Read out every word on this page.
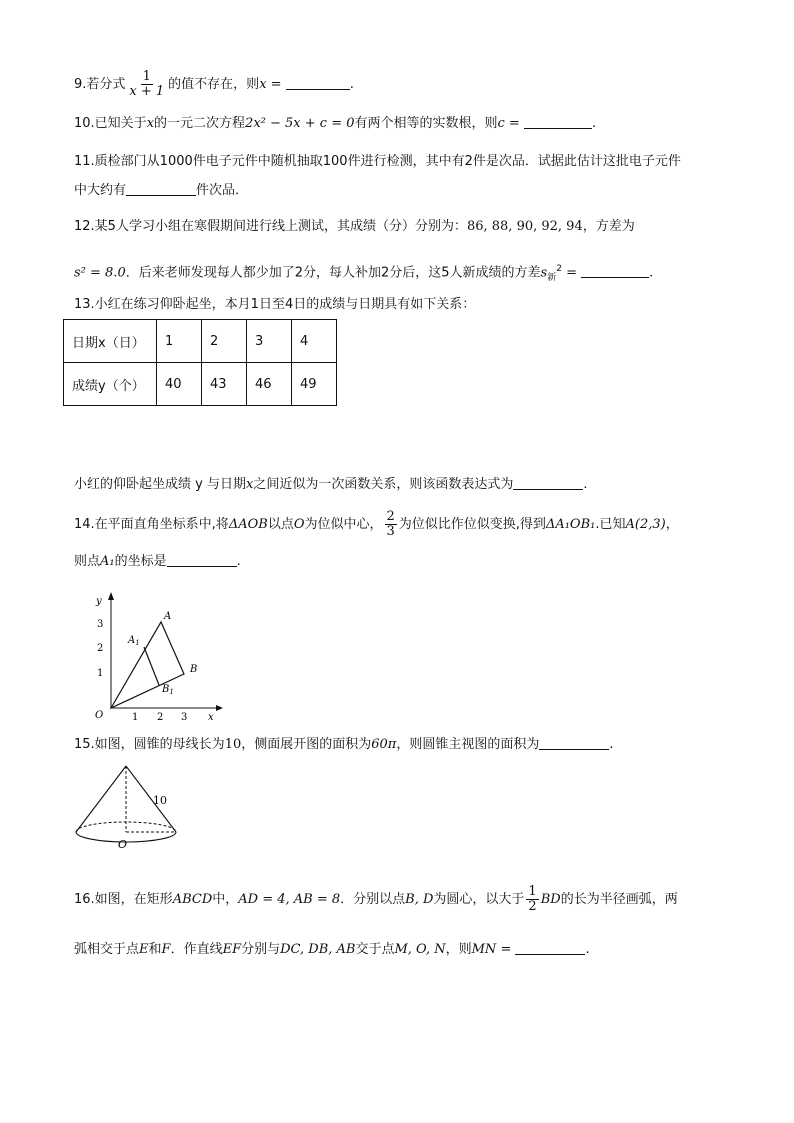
9.若分式 $\frac{1}{x + 1}$ 的值不存在，则x =	.
10.已知关于x的一元二次方程2x² − 5x + c = 0有两个相等的实数根，则c =	.
11.质检部门从1000件电子元件中随机抽取100件进行检测，其中有2件是次品．试据此估计这批电子元件
中大约有	件次品．
12.某5人学习小组在寒假期间进行线上测试，其成绩（分）分别为：86, 88, 90, 92, 94，方差为
s² = 8.0．后来老师发现每人都少加了2分，每人补加2分后，这5人新成绩的方差$s_新^2$ =	.
13.小红在练习仰卧起坐，本月1日至4日的成绩与日期具有如下关系：
日期x（日）	1	2	3	4
成绩y（个）	40	43	46	49
小红的仰卧起坐成绩 y 与日期x之间近似为一次函数关系，则该函数表达式为	.
14.在平面直角坐标系中,将ΔAOB以点O为位似中心， $\frac{2}{3}$ 为位似比作位似变换,得到ΔA₁OB₁.已知A(2,3)，
则点A₁的坐标是	.
y
x
O
3
2
1
1 2 3
A
$A_1$
B
$B_1$
15.如图，圆锥的母线长为10，侧面展开图的面积为60π，则圆锥主视图的面积为	.
10
O
16.如图，在矩形ABCD中，AD = 4, AB = 8．分别以点B, D为圆心，以大于 $\frac{1}{2}$ BD的长为半径画弧，两
弧相交于点E和F．作直线EF分别与DC, DB, AB交于点M, O, N，则MN =	.
